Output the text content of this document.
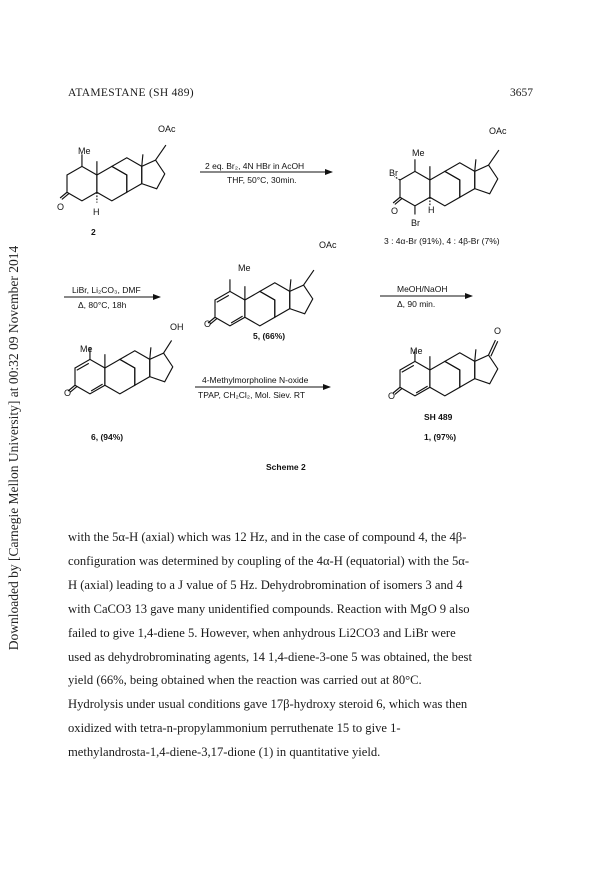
Downloaded by [Carnegie Mellon University] at 00:32 09 November 2014
ATAMESTANE (SH 489)	3657
OAc
Me
O	H
2
2 eq. Br₂, 4N HBr in AcOH
THF, 50°C, 30min.
OAc
Me
Br
O	H
Br
3 : 4α-Br (91%), 4 : 4β-Br (7%)
LiBr, Li₂CO₃, DMF
Δ, 80°C, 18h
OAc
Me
O
5, (66%)
MeOH/NaOH
Δ, 90 min.
OH
Me
O
6, (94%)
4-Methylmorpholine N-oxide
TPAP, CH₂Cl₂, Mol. Siev. RT
O
Me
O
SH 489
1, (97%)
Scheme 2

with the 5α-H (axial) which was 12 Hz, and in the case of compound 4, the 4β-

configuration was determined by coupling of the 4α-H (equatorial) with the 5α-

H (axial) leading to a J value of 5 Hz. Dehydrobromination of isomers 3 and 4

with CaCO3 13 gave many unidentified compounds. Reaction with MgO 9 also

failed to give 1,4-diene 5. However, when anhydrous Li2CO3 and LiBr were

used as dehydrobrominating agents, 14 1,4-diene-3-one 5 was obtained, the best

yield (66%, being obtained when the reaction was carried out at 80°C.

Hydrolysis under usual conditions gave 17β-hydroxy steroid 6, which was then

oxidized with tetra-n-propylammonium perruthenate 15 to give 1-

methylandrosta-1,4-diene-3,17-dione (1) in quantitative yield.
